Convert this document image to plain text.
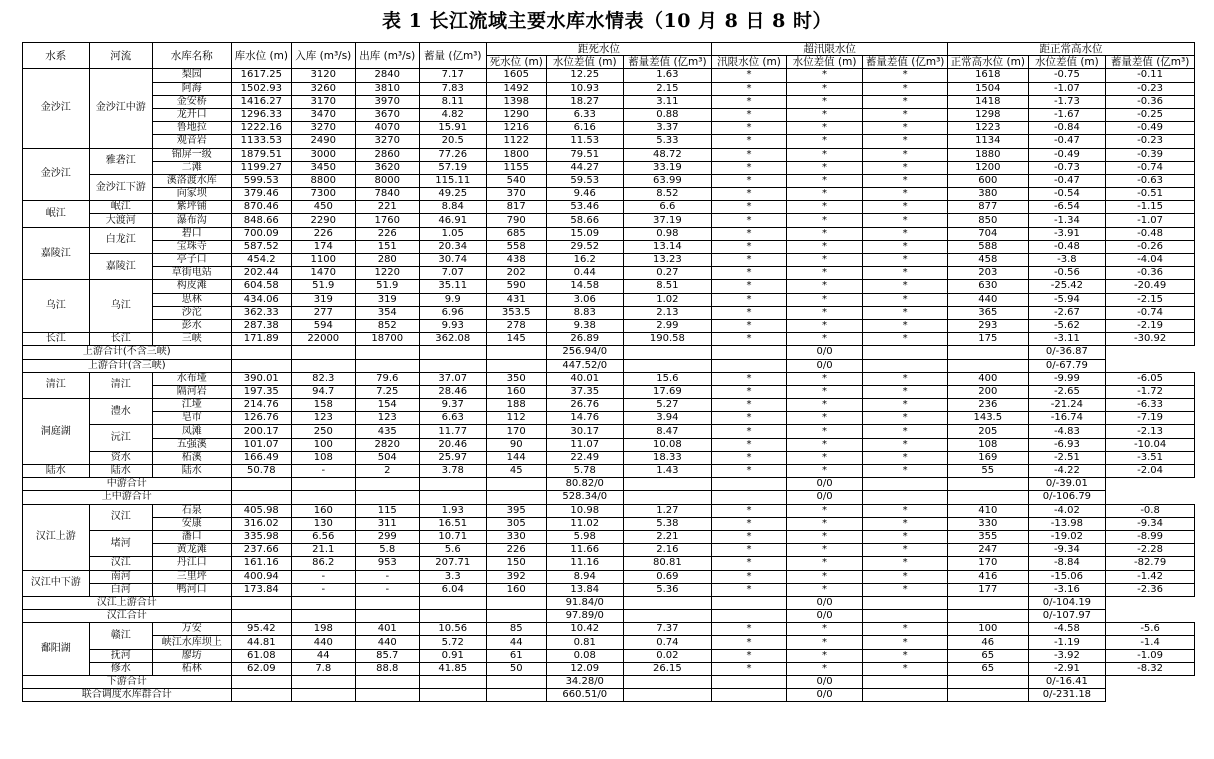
表 1 长江流域主要水库水情表（10 月 8 日 8 时）
水系	河流	水库名称	库水位 (m)	入库 (m³/s)	出库 (m³/s)	蓄量 (亿m³)	距死水位			超汛限水位			距正常高水位		
							死水位 (m)	水位差值 (m)	蓄量差值 (亿m³)	汛限水位 (m)	水位差值 (m)	蓄量差值 (亿m³)	正常高水位 (m)	水位差值 (m)	蓄量差值 (亿m³)
金沙江	金沙江中游	梨园	1617.25	3120	2840	7.17	1605	12.25	1.63	*	*	*	1618	-0.75	-0.11
		阿海	1502.93	3260	3810	7.83	1492	10.93	2.15	*	*	*	1504	-1.07	-0.23
		金安桥	1416.27	3170	3970	8.11	1398	18.27	3.11	*	*	*	1418	-1.73	-0.36
		龙开口	1296.33	3470	3670	4.82	1290	6.33	0.88	*	*	*	1298	-1.67	-0.25
		鲁地拉	1222.16	3270	4070	15.91	1216	6.16	3.37	*	*	*	1223	-0.84	-0.49
		观音岩	1133.53	2490	3270	20.5	1122	11.53	5.33	*	*	*	1134	-0.47	-0.23
金沙江	雅砻江	锦屏一级	1879.51	3000	2860	77.26	1800	79.51	48.72	*	*	*	1880	-0.49	-0.39
		二滩	1199.27	3450	3620	57.19	1155	44.27	33.19	*	*	*	1200	-0.73	-0.74
	金沙江下游	溪洛渡水库	599.53	8800	8000	115.11	540	59.53	63.99	*	*	*	600	-0.47	-0.63
		向家坝	379.46	7300	7840	49.25	370	9.46	8.52	*	*	*	380	-0.54	-0.51
岷江	岷江	紫坪铺	870.46	450	221	8.84	817	53.46	6.6	*	*	*	877	-6.54	-1.15
	大渡河	瀑布沟	848.66	2290	1760	46.91	790	58.66	37.19	*	*	*	850	-1.34	-1.07
嘉陵江	白龙江	碧口	700.09	226	226	1.05	685	15.09	0.98	*	*	*	704	-3.91	-0.48
		宝珠寺	587.52	174	151	20.34	558	29.52	13.14	*	*	*	588	-0.48	-0.26
	嘉陵江	亭子口	454.2	1100	280	30.74	438	16.2	13.23	*	*	*	458	-3.8	-4.04
		草街电站	202.44	1470	1220	7.07	202	0.44	0.27	*	*	*	203	-0.56	-0.36
乌江	乌江	构皮滩	604.58	51.9	51.9	35.11	590	14.58	8.51	*	*	*	630	-25.42	-20.49
		思林	434.06	319	319	9.9	431	3.06	1.02	*	*	*	440	-5.94	-2.15
		沙沱	362.33	277	354	6.96	353.5	8.83	2.13	*	*	*	365	-2.67	-0.74
		彭水	287.38	594	852	9.93	278	9.38	2.99	*	*	*	293	-5.62	-2.19
长江	长江	三峡	171.89	22000	18700	362.08	145	26.89	190.58	*	*	*	175	-3.11	-30.92
上游合计(不含三峡)								256.94/0			0/0			0/-36.87	
上游合计(含三峡)								447.52/0			0/0			0/-67.79	
清江	清江	水布垭	390.01	82.3	79.6	37.07	350	40.01	15.6	*	*	*	400	-9.99	-6.05
		隔河岩	197.35	94.7	7.25	28.46	160	37.35	17.69	*	*	*	200	-2.65	-1.72
洞庭湖	澧水	江垭	214.76	158	154	9.37	188	26.76	5.27	*	*	*	236	-21.24	-6.33
		皂市	126.76	123	123	6.63	112	14.76	3.94	*	*	*	143.5	-16.74	-7.19
	沅江	凤滩	200.17	250	435	11.77	170	30.17	8.47	*	*	*	205	-4.83	-2.13
		五强溪	101.07	100	2820	20.46	90	11.07	10.08	*	*	*	108	-6.93	-10.04
	资水	柘溪	166.49	108	504	25.97	144	22.49	18.33	*	*	*	169	-2.51	-3.51
陆水	陆水	陆水	50.78	-	2	3.78	45	5.78	1.43	*	*	*	55	-4.22	-2.04
中游合计								80.82/0			0/0			0/-39.01	
上中游合计								528.34/0			0/0			0/-106.79	
汉江上游	汉江	石泉	405.98	160	115	1.93	395	10.98	1.27	*	*	*	410	-4.02	-0.8
		安康	316.02	130	311	16.51	305	11.02	5.38	*	*	*	330	-13.98	-9.34
	堵河	潘口	335.98	6.56	299	10.71	330	5.98	2.21	*	*	*	355	-19.02	-8.99
		黄龙滩	237.66	21.1	5.8	5.6	226	11.66	2.16	*	*	*	247	-9.34	-2.28
	汉江	丹江口	161.16	86.2	953	207.71	150	11.16	80.81	*	*	*	170	-8.84	-82.79
汉江中下游	南河	三里坪	400.94	-	-	3.3	392	8.94	0.69	*	*	*	416	-15.06	-1.42
	白河	鸭河口	173.84	-	-	6.04	160	13.84	5.36	*	*	*	177	-3.16	-2.36
汉江上游合计								91.84/0			0/0			0/-104.19	
汉江合计								97.89/0			0/0			0/-107.97	
鄱阳湖	赣江	万安	95.42	198	401	10.56	85	10.42	7.37	*	*	*	100	-4.58	-5.6
		峡江水库坝上	44.81	440	440	5.72	44	0.81	0.74	*	*	*	46	-1.19	-1.4
	抚河	廖坊	61.08	44	85.7	0.91	61	0.08	0.02	*	*	*	65	-3.92	-1.09
	修水	柘林	62.09	7.8	88.8	41.85	50	12.09	26.15	*	*	*	65	-2.91	-8.32
下游合计								34.28/0			0/0			0/-16.41	
联合调度水库群合计								660.51/0			0/0			0/-231.18	
